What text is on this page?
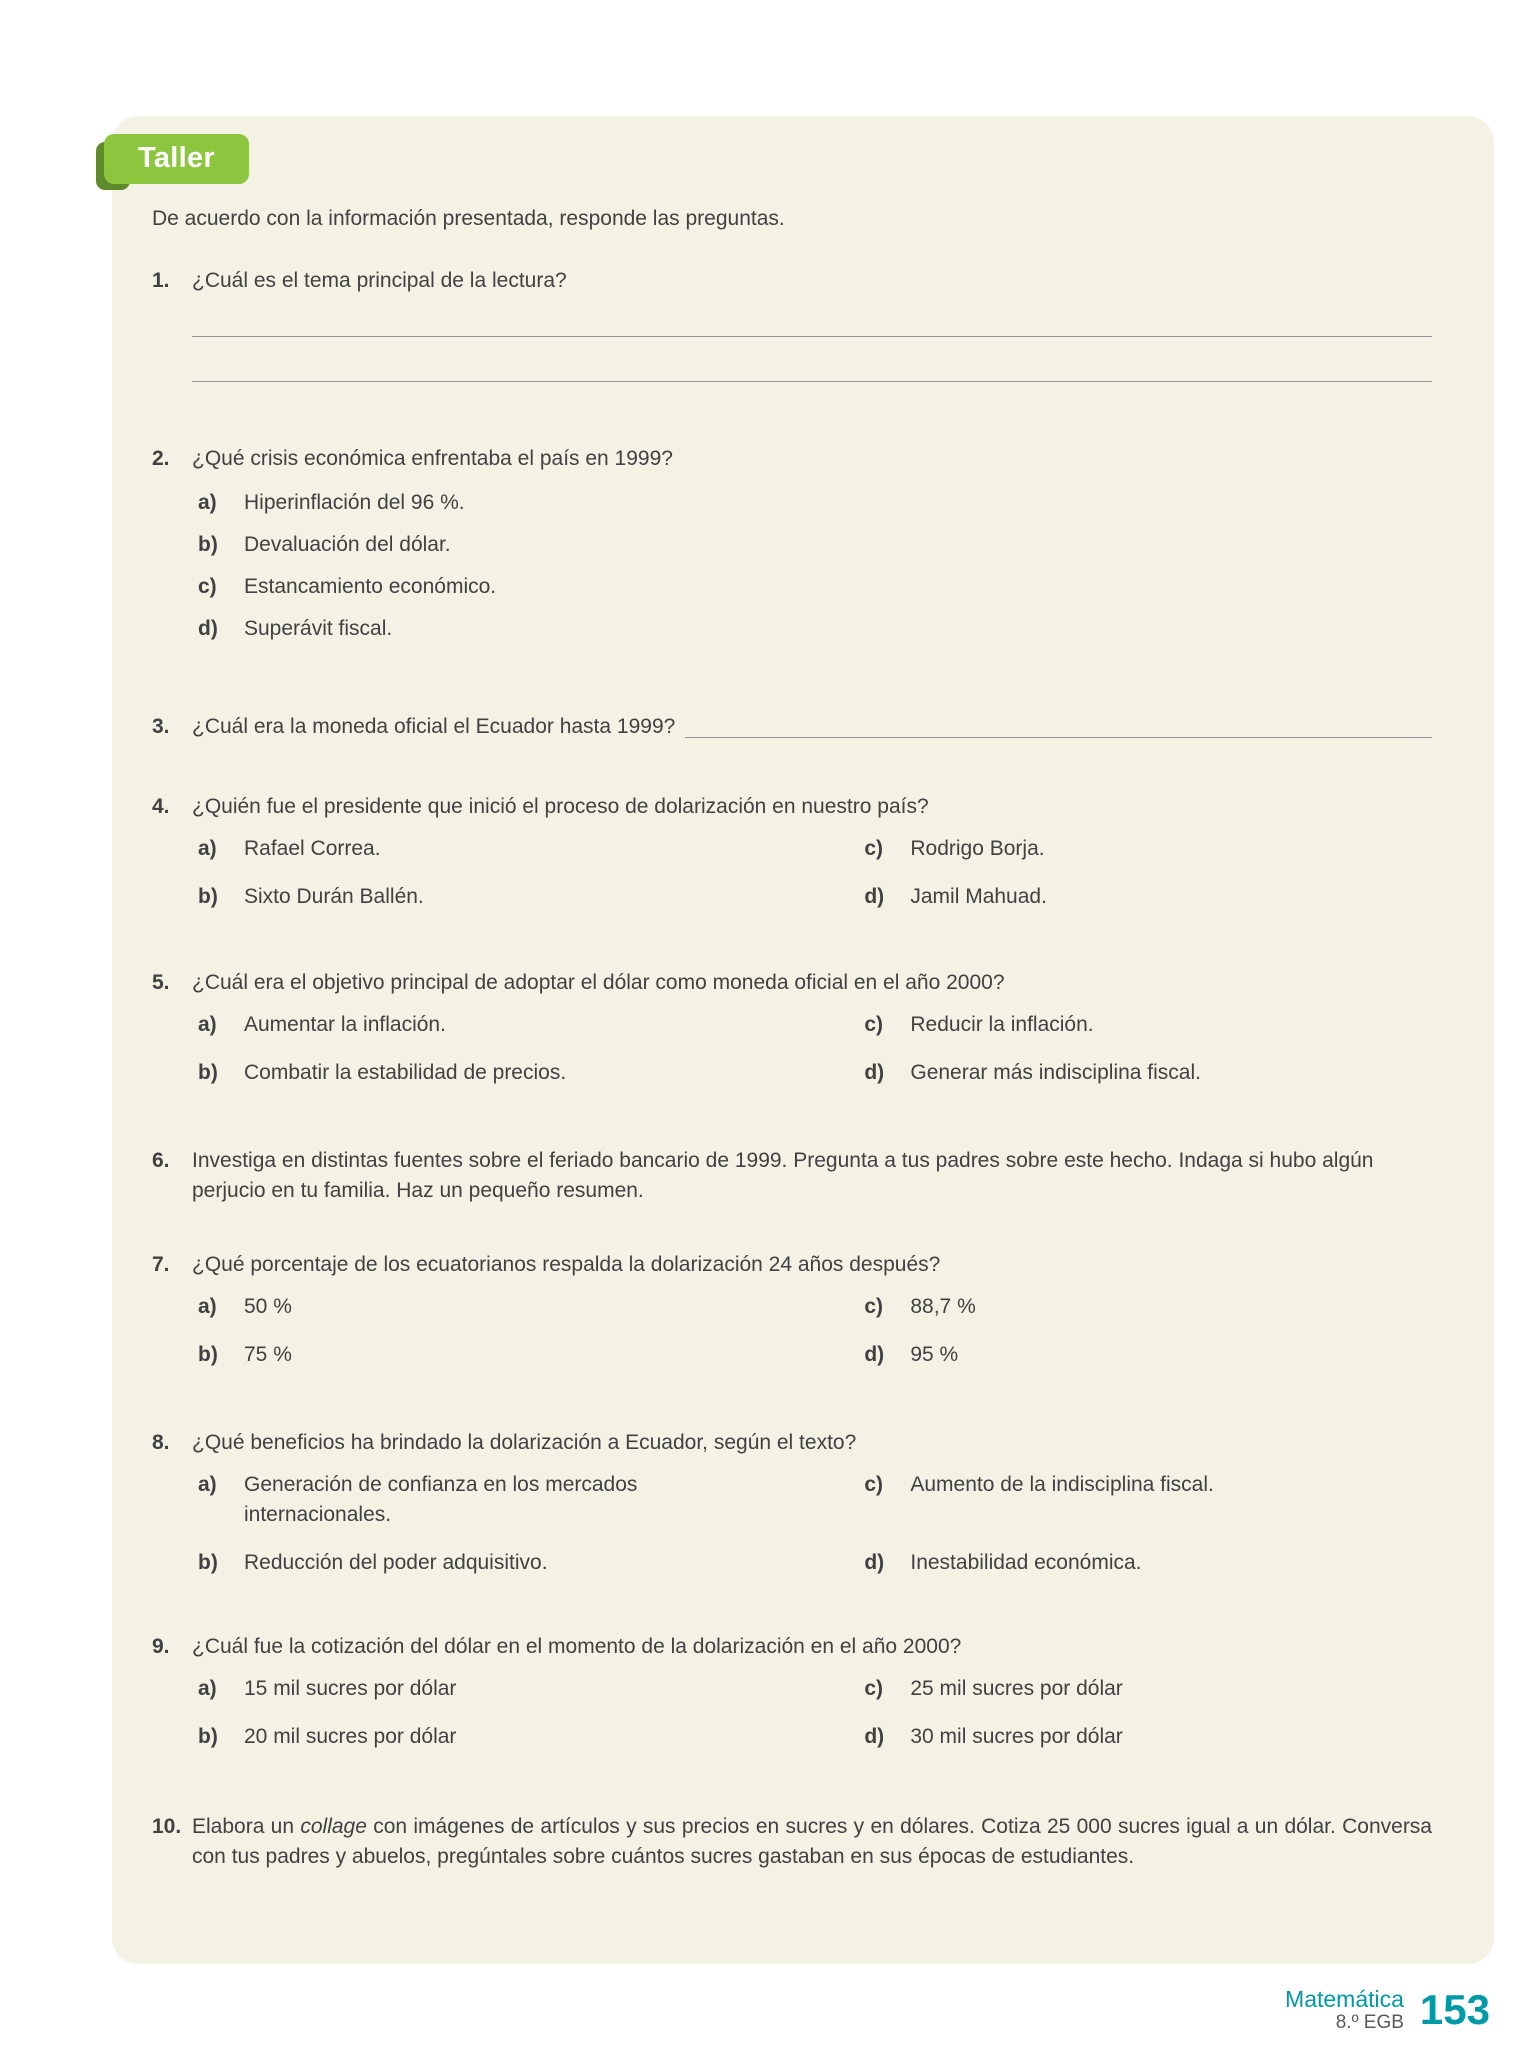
Taller

De acuerdo con la información presentada, responde las preguntas.

1.	¿Cuál es el tema principal de la lectura?

2.	¿Qué crisis económica enfrentaba el país en 1999?

a)	Hiperinflación del 96 %.
b)	Devaluación del dólar.
c)	Estancamiento económico.
d)	Superávit fiscal.
3.	¿Cuál era la moneda oficial el Ecuador hasta 1999?
4.	¿Quién fue el presidente que inició el proceso de dolarización en nuestro país?

a)	Rafael Correa.
b)	Sixto Durán Ballén.
c)	Rodrigo Borja.
d)	Jamil Mahuad.
5.	¿Cuál era el objetivo principal de adoptar el dólar como moneda oficial en el año 2000?

a)	Aumentar la inflación.
b)	Combatir la estabilidad de precios.
c)	Reducir la inflación.
d)	Generar más indisciplina fiscal.
6.	Investiga en distintas fuentes sobre el feriado bancario de 1999. Pregunta a tus padres sobre este hecho. Indaga si hubo algún perjucio en tu familia. Haz un pequeño resumen.

7.	¿Qué porcentaje de los ecuatorianos respalda la dolarización 24 años después?

a)	50 %
b)	75 %
c)	88,7 %
d)	95 %
8.	¿Qué beneficios ha brindado la dolarización a Ecuador, según el texto?

a)	Generación de confianza en los mercados internacionales.
b)	Reducción del poder adquisitivo.
c)	Aumento de la indisciplina fiscal.
d)	Inestabilidad económica.
9.	¿Cuál fue la cotización del dólar en el momento de la dolarización en el año 2000?

a)	15 mil sucres por dólar
b)	20 mil sucres por dólar
c)	25 mil sucres por dólar
d)	30 mil sucres por dólar
10. Elabora un collage con imágenes de artículos y sus precios en sucres y en dólares. Cotiza 25 000 sucres igual a un dólar. Conversa con tus padres y abuelos, pregúntales sobre cuántos sucres gastaban en sus épocas de estudiantes.

Matemática
8.º EGB 153
